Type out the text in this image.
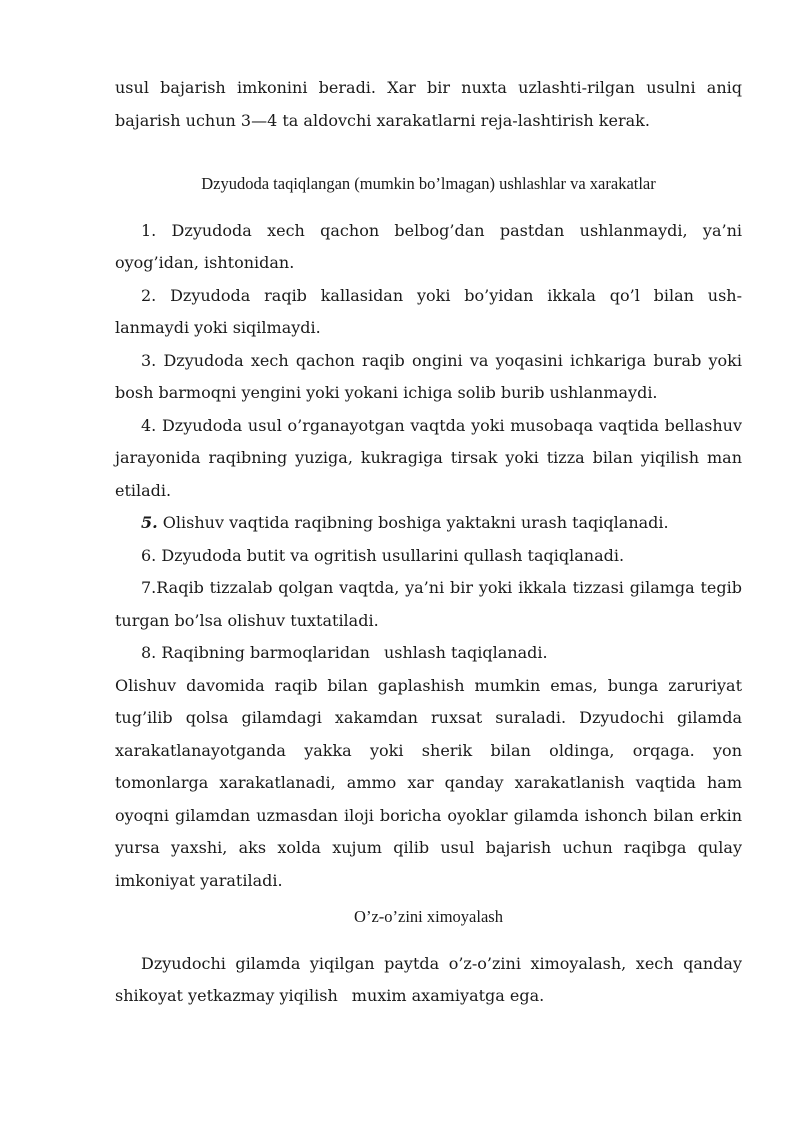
usul bajarish imkonini beradi. Xar bir nuxta uzlashti-rilgan usulni aniq

bajarish uchun 3—4 ta aldovchi xarakatlarni reja-lashtirish kerak.

Dzyudoda taqiqlangan (mumkin bo’lmagan) ushlashlar va xarakatlar

1. Dzyudoda xech qachon belbog’dan pastdan ushlanmaydi, ya’ni

oyog’idan, ishtonidan.

2. Dzyudoda raqib kallasidan yoki bo’yidan ikkala qo’l bilan ush-

lanmaydi yoki siqilmaydi.

3. Dzyudoda xech qachon raqib ongini va yoqasini ichkariga burab yoki bosh barmoqni yengini yoki yokani ichiga solib burib ushlanmaydi.

4. Dzyudoda usul o’rganayotgan vaqtda yoki musobaqa vaqtida bellashuv jarayonida raqibning yuziga, kukragiga tirsak yoki tizza bilan yiqilish man etiladi.

5. Olishuv vaqtida raqibning boshiga yaktakni urash taqiqlanadi.

6. Dzyudoda butit va ogritish usullarini qullash taqiqlanadi.

7.Raqib tizzalab qolgan vaqtda, ya’ni bir yoki ikkala tizzasi gilamga tegib turgan bo’lsa olishuv tuxtatiladi.

8. Raqibning barmoqlaridan ushlash taqiqlanadi.

Olishuv davomida raqib bilan gaplashish mumkin emas, bunga zaruriyat tug’ilib qolsa gilamdagi xakamdan ruxsat suraladi. Dzyudochi gilamda xarakatlanayotganda yakka yoki sherik bilan oldinga, orqaga. yon tomonlarga xarakatlanadi, ammo xar qanday xarakatlanish vaqtida ham oyoqni gilamdan uzmasdan iloji boricha oyoklar gilamda ishonch bilan erkin yursa yaxshi, aks xolda xujum qilib usul bajarish uchun raqibga qulay imkoniyat yaratiladi.

O’z-o’zini ximoyalash

Dzyudochi gilamda yiqilgan paytda o’z-o’zini ximoyalash, xech qanday shikoyat yetkazmay yiqilish muxim axamiyatga ega.
